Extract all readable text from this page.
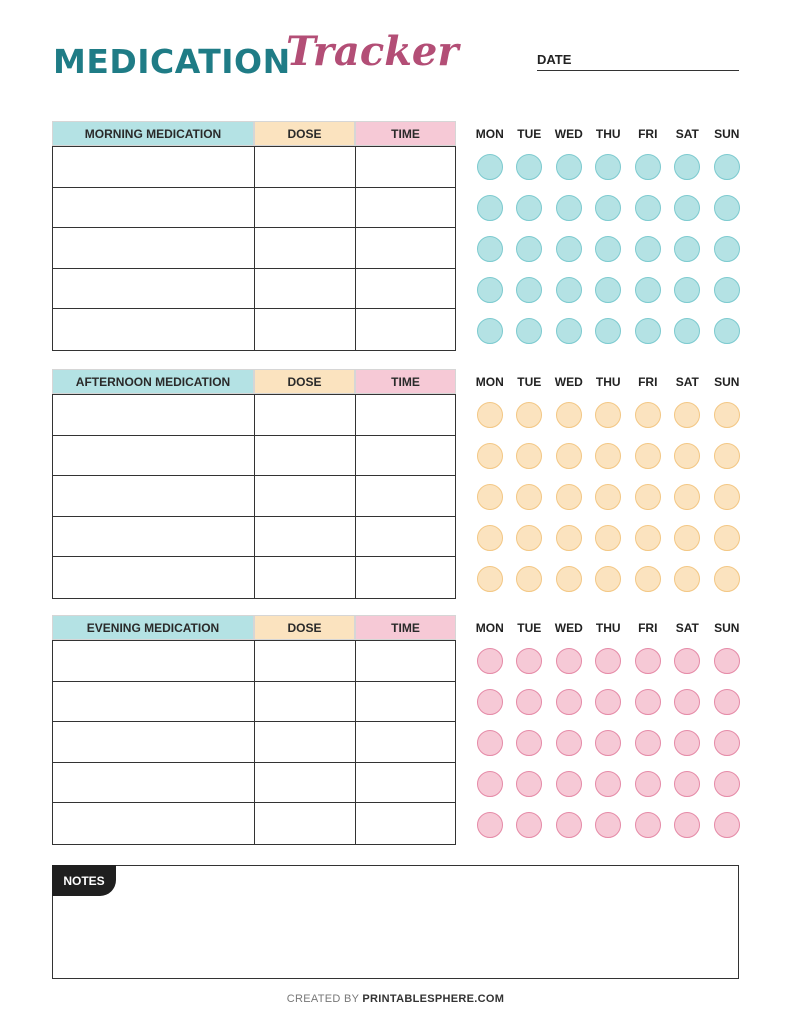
MEDICATION
Tracker	DATE
MORNING MEDICATION	DOSE	TIME	MON	TUE	WED	THU	FRI	SAT	SUN
AFTERNOON MEDICATION	DOSE	TIME	MON	TUE	WED	THU	FRI	SAT	SUN
EVENING MEDICATION	DOSE	TIME	MON	TUE	WED	THU	FRI	SAT	SUN
NOTES
CREATED BY PRINTABLESPHERE.COM
